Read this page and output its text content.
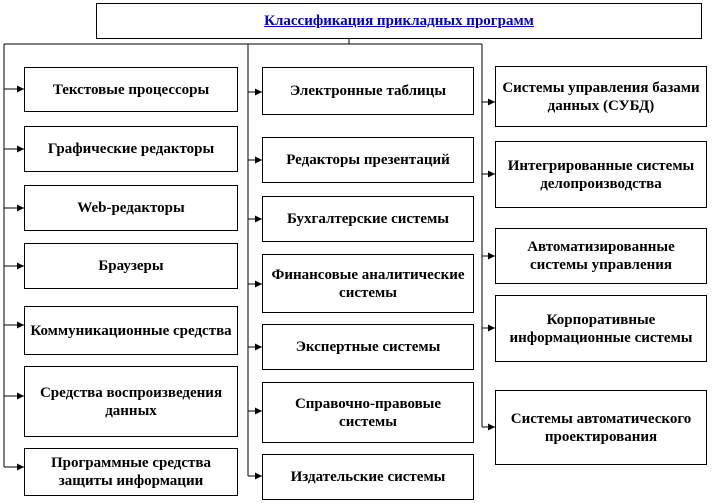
Классификация прикладных программ
Текстовые процессоры
Графические редакторы
Web-редакторы
Браузеры
Коммуникационные средства
Средства воспроизведения данных
Программные средства защиты информации
Электронные таблицы
Редакторы презентаций
Бухгалтерские системы
Финансовые аналитические системы
Экспертные системы
Справочно-правовые системы
Издательские системы
Системы управления базами данных (СУБД)
Интегрированные системы делопроизводства
Автоматизированные системы управления
Корпоративные информационные системы
Системы автоматического проектирования
